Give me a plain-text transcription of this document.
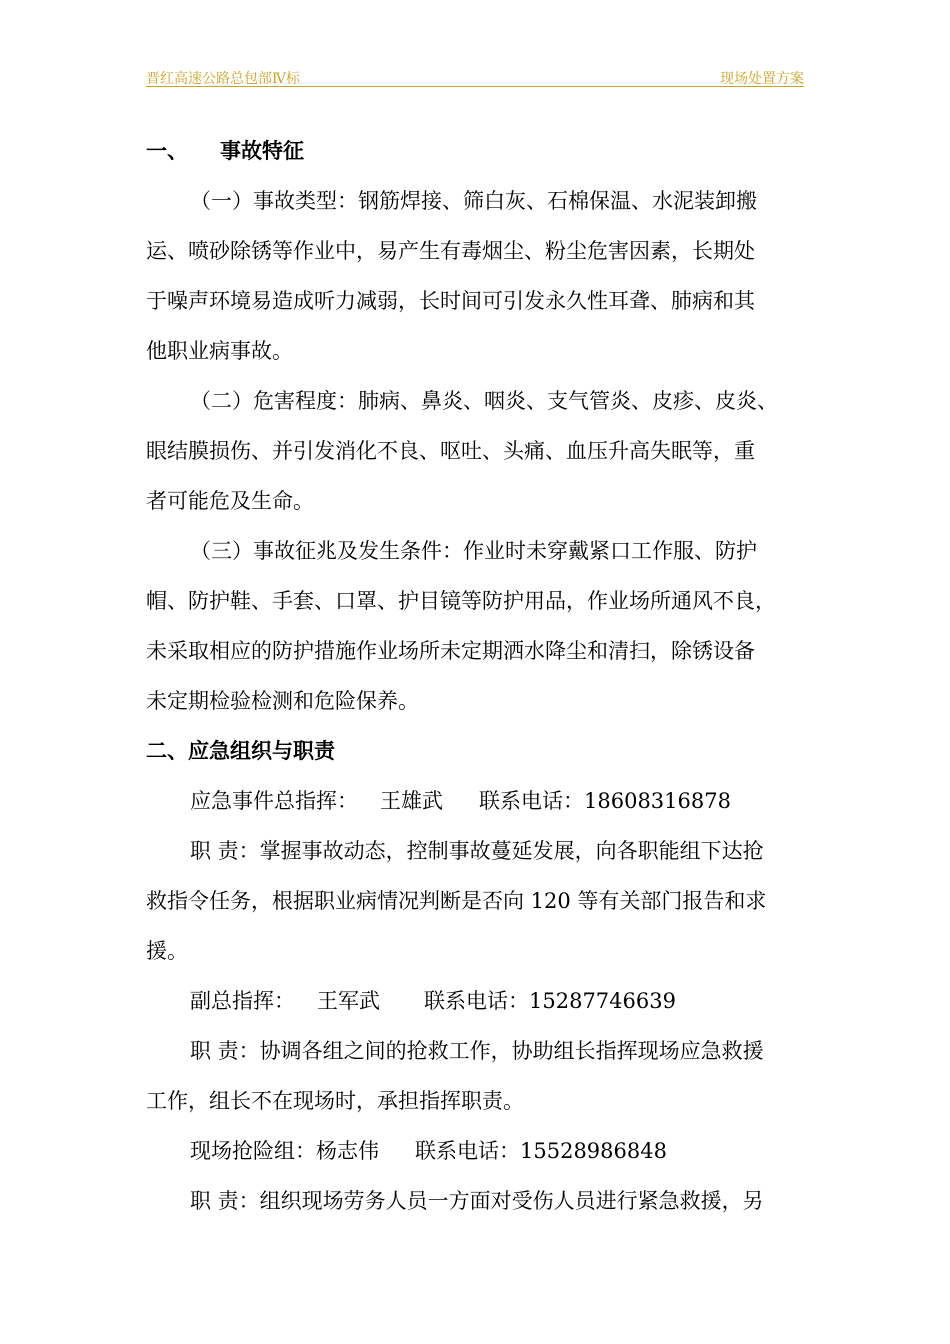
晋红高速公路总包部Ⅳ标	现场处置方案
一、 事故特征
（一）事故类型：钢筋焊接、筛白灰、石棉保温、水泥装卸搬
运、喷砂除锈等作业中，易产生有毒烟尘、粉尘危害因素，长期处
于噪声环境易造成听力减弱，长时间可引发永久性耳聋、肺病和其
他职业病事故。
（二）危害程度：肺病、鼻炎、咽炎、支气管炎、皮疹、皮炎、
眼结膜损伤、并引发消化不良、呕吐、头痛、血压升高失眠等，重
者可能危及生命。
（三）事故征兆及发生条件：作业时未穿戴紧口工作服、防护
帽、防护鞋、手套、口罩、护目镜等防护用品，作业场所通风不良，
未采取相应的防护措施作业场所未定期洒水降尘和清扫，除锈设备
未定期检验检测和危险保养。
二、应急组织与职责
应急事件总指挥： 王雄武 联系电话：18608316878
职 责：掌握事故动态，控制事故蔓延发展，向各职能组下达抢
救指令任务，根据职业病情况判断是否向 120 等有关部门报告和求
援。
副总指挥： 王军武 联系电话：15287746639
职 责：协调各组之间的抢救工作，协助组长指挥现场应急救援
工作，组长不在现场时，承担指挥职责。
现场抢险组：杨志伟 联系电话：15528986848
职 责：组织现场劳务人员一方面对受伤人员进行紧急救援，另
